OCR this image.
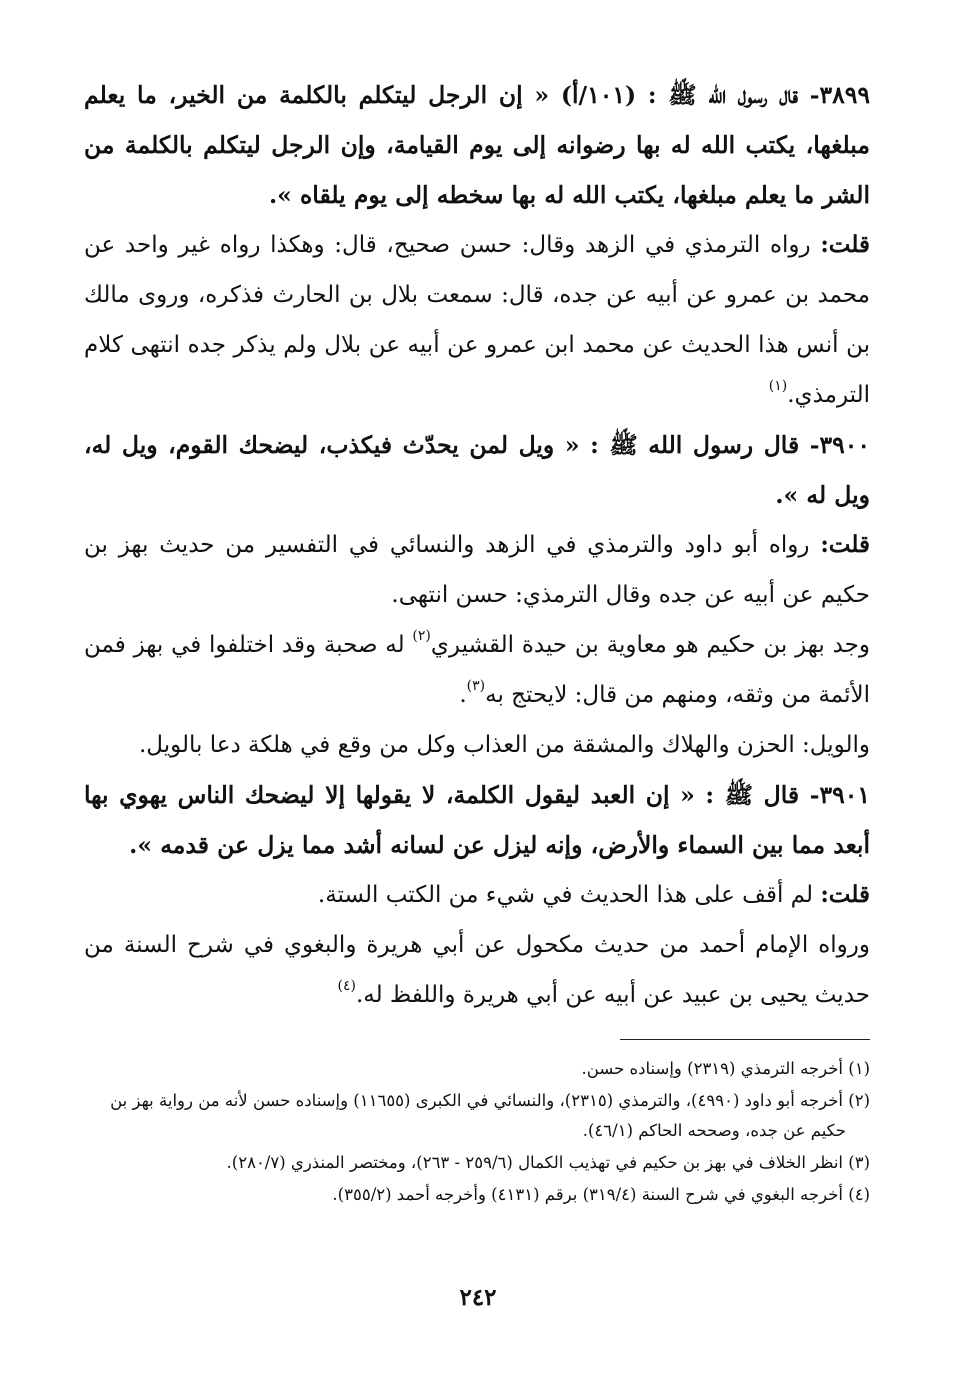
٣٨٩٩- قال رسول الله ﷺ : (١٠١/أ) « إن الرجل ليتكلم بالكلمة من الخير، ما يعلم مبلغها، يكتب الله له بها رضوانه إلى يوم القيامة، وإن الرجل ليتكلم بالكلمة من الشر ما يعلم مبلغها، يكتب الله له بها سخطه إلى يوم يلقاه ».

قلت: رواه الترمذي في الزهد وقال: حسن صحيح، قال: وهكذا رواه غير واحد عن محمد بن عمرو عن أبيه عن جده، قال: سمعت بلال بن الحارث فذكره، وروى مالك بن أنس هذا الحديث عن محمد ابن عمرو عن أبيه عن بلال ولم يذكر جده انتهى كلام الترمذي.$^{(١)}$

٣٩٠٠- قال رسول الله ﷺ : « ويل لمن يحدّث فيكذب، ليضحك القوم، ويل له، ويل له ».

قلت: رواه أبو داود والترمذي في الزهد والنسائي في التفسير من حديث بهز بن حكيم عن أبيه عن جده وقال الترمذي: حسن انتهى.

وجد بهز بن حكيم هو معاوية بن حيدة القشيري$^{(٢)}$ له صحبة وقد اختلفوا في بهز فمن الأئمة من وثقه، ومنهم من قال: لايحتج به$^{(٣)}$.

والويل: الحزن والهلاك والمشقة من العذاب وكل من وقع في هلكة دعا بالويل.

٣٩٠١- قال ﷺ : « إن العبد ليقول الكلمة، لا يقولها إلا ليضحك الناس يهوي بها أبعد مما بين السماء والأرض، وإنه ليزل عن لسانه أشد مما يزل عن قدمه ».

قلت: لم أقف على هذا الحديث في شيء من الكتب الستة.

ورواه الإمام أحمد من حديث مكحول عن أبي هريرة والبغوي في شرح السنة من حديث يحيى بن عبيد عن أبيه عن أبي هريرة واللفظ له.$^{(٤)}$

(١) أخرجه الترمذي (٢٣١٩) وإسناده حسن.

(٢) أخرجه أبو داود (٤٩٩٠)، والترمذي (٢٣١٥)، والنسائي في الكبرى (١١٦٥٥) وإسناده حسن لأنه من رواية بهز بن حكيم عن جده، وصححه الحاكم (٤٦/١).

(٣) انظر الخلاف في بهز بن حكيم في تهذيب الكمال (٢٥٩/٦ - ٢٦٣)، ومختصر المنذري (٢٨٠/٧).

(٤) أخرجه البغوي في شرح السنة (٣١٩/٤) برقم (٤١٣١) وأخرجه أحمد (٣٥٥/٢).

٢٤٢
